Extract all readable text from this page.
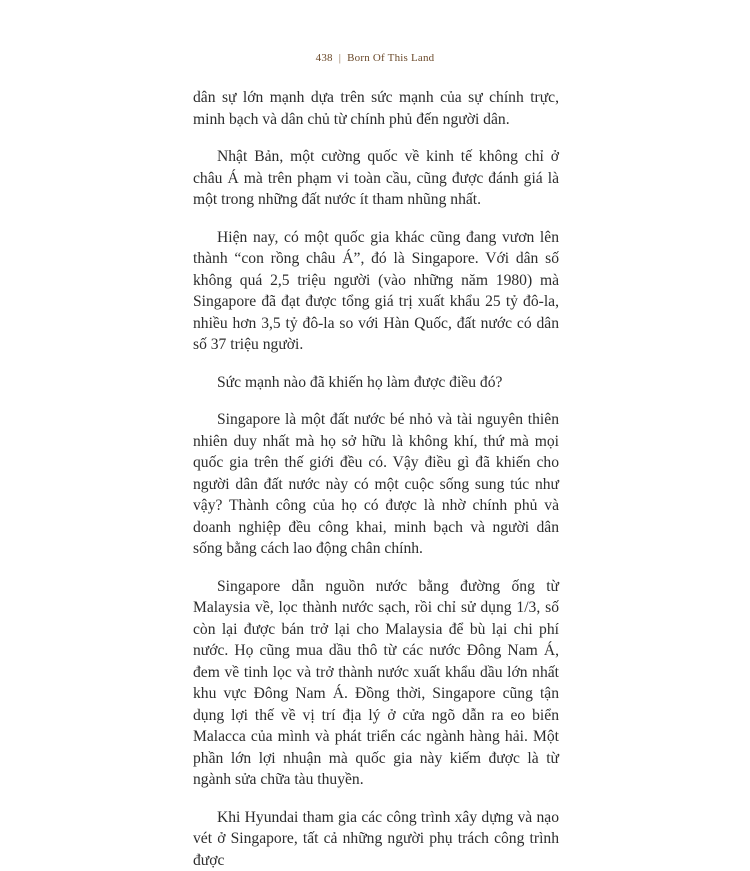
438 | Born Of This Land

dân sự lớn mạnh dựa trên sức mạnh của sự chính trực, minh bạch và dân chủ từ chính phủ đến người dân.

Nhật Bản, một cường quốc về kinh tế không chỉ ở châu Á mà trên phạm vi toàn cầu, cũng được đánh giá là một trong những đất nước ít tham nhũng nhất.

Hiện nay, có một quốc gia khác cũng đang vươn lên thành “con rồng châu Á”, đó là Singapore. Với dân số không quá 2,5 triệu người (vào những năm 1980) mà Singapore đã đạt được tổng giá trị xuất khẩu 25 tỷ đô-la, nhiều hơn 3,5 tỷ đô-la so với Hàn Quốc, đất nước có dân số 37 triệu người.

Sức mạnh nào đã khiến họ làm được điều đó?

Singapore là một đất nước bé nhỏ và tài nguyên thiên nhiên duy nhất mà họ sở hữu là không khí, thứ mà mọi quốc gia trên thế giới đều có. Vậy điều gì đã khiến cho người dân đất nước này có một cuộc sống sung túc như vậy? Thành công của họ có được là nhờ chính phủ và doanh nghiệp đều công khai, minh bạch và người dân sống bằng cách lao động chân chính.

Singapore dẫn nguồn nước bằng đường ống từ Malaysia về, lọc thành nước sạch, rồi chỉ sử dụng 1/3, số còn lại được bán trở lại cho Malaysia để bù lại chi phí nước. Họ cũng mua dầu thô từ các nước Đông Nam Á, đem về tinh lọc và trở thành nước xuất khẩu dầu lớn nhất khu vực Đông Nam Á. Đồng thời, Singapore cũng tận dụng lợi thế về vị trí địa lý ở cửa ngõ dẫn ra eo biển Malacca của mình và phát triển các ngành hàng hải. Một phần lớn lợi nhuận mà quốc gia này kiếm được là từ ngành sửa chữa tàu thuyền.

Khi Hyundai tham gia các công trình xây dựng và nạo vét ở Singapore, tất cả những người phụ trách công trình được
